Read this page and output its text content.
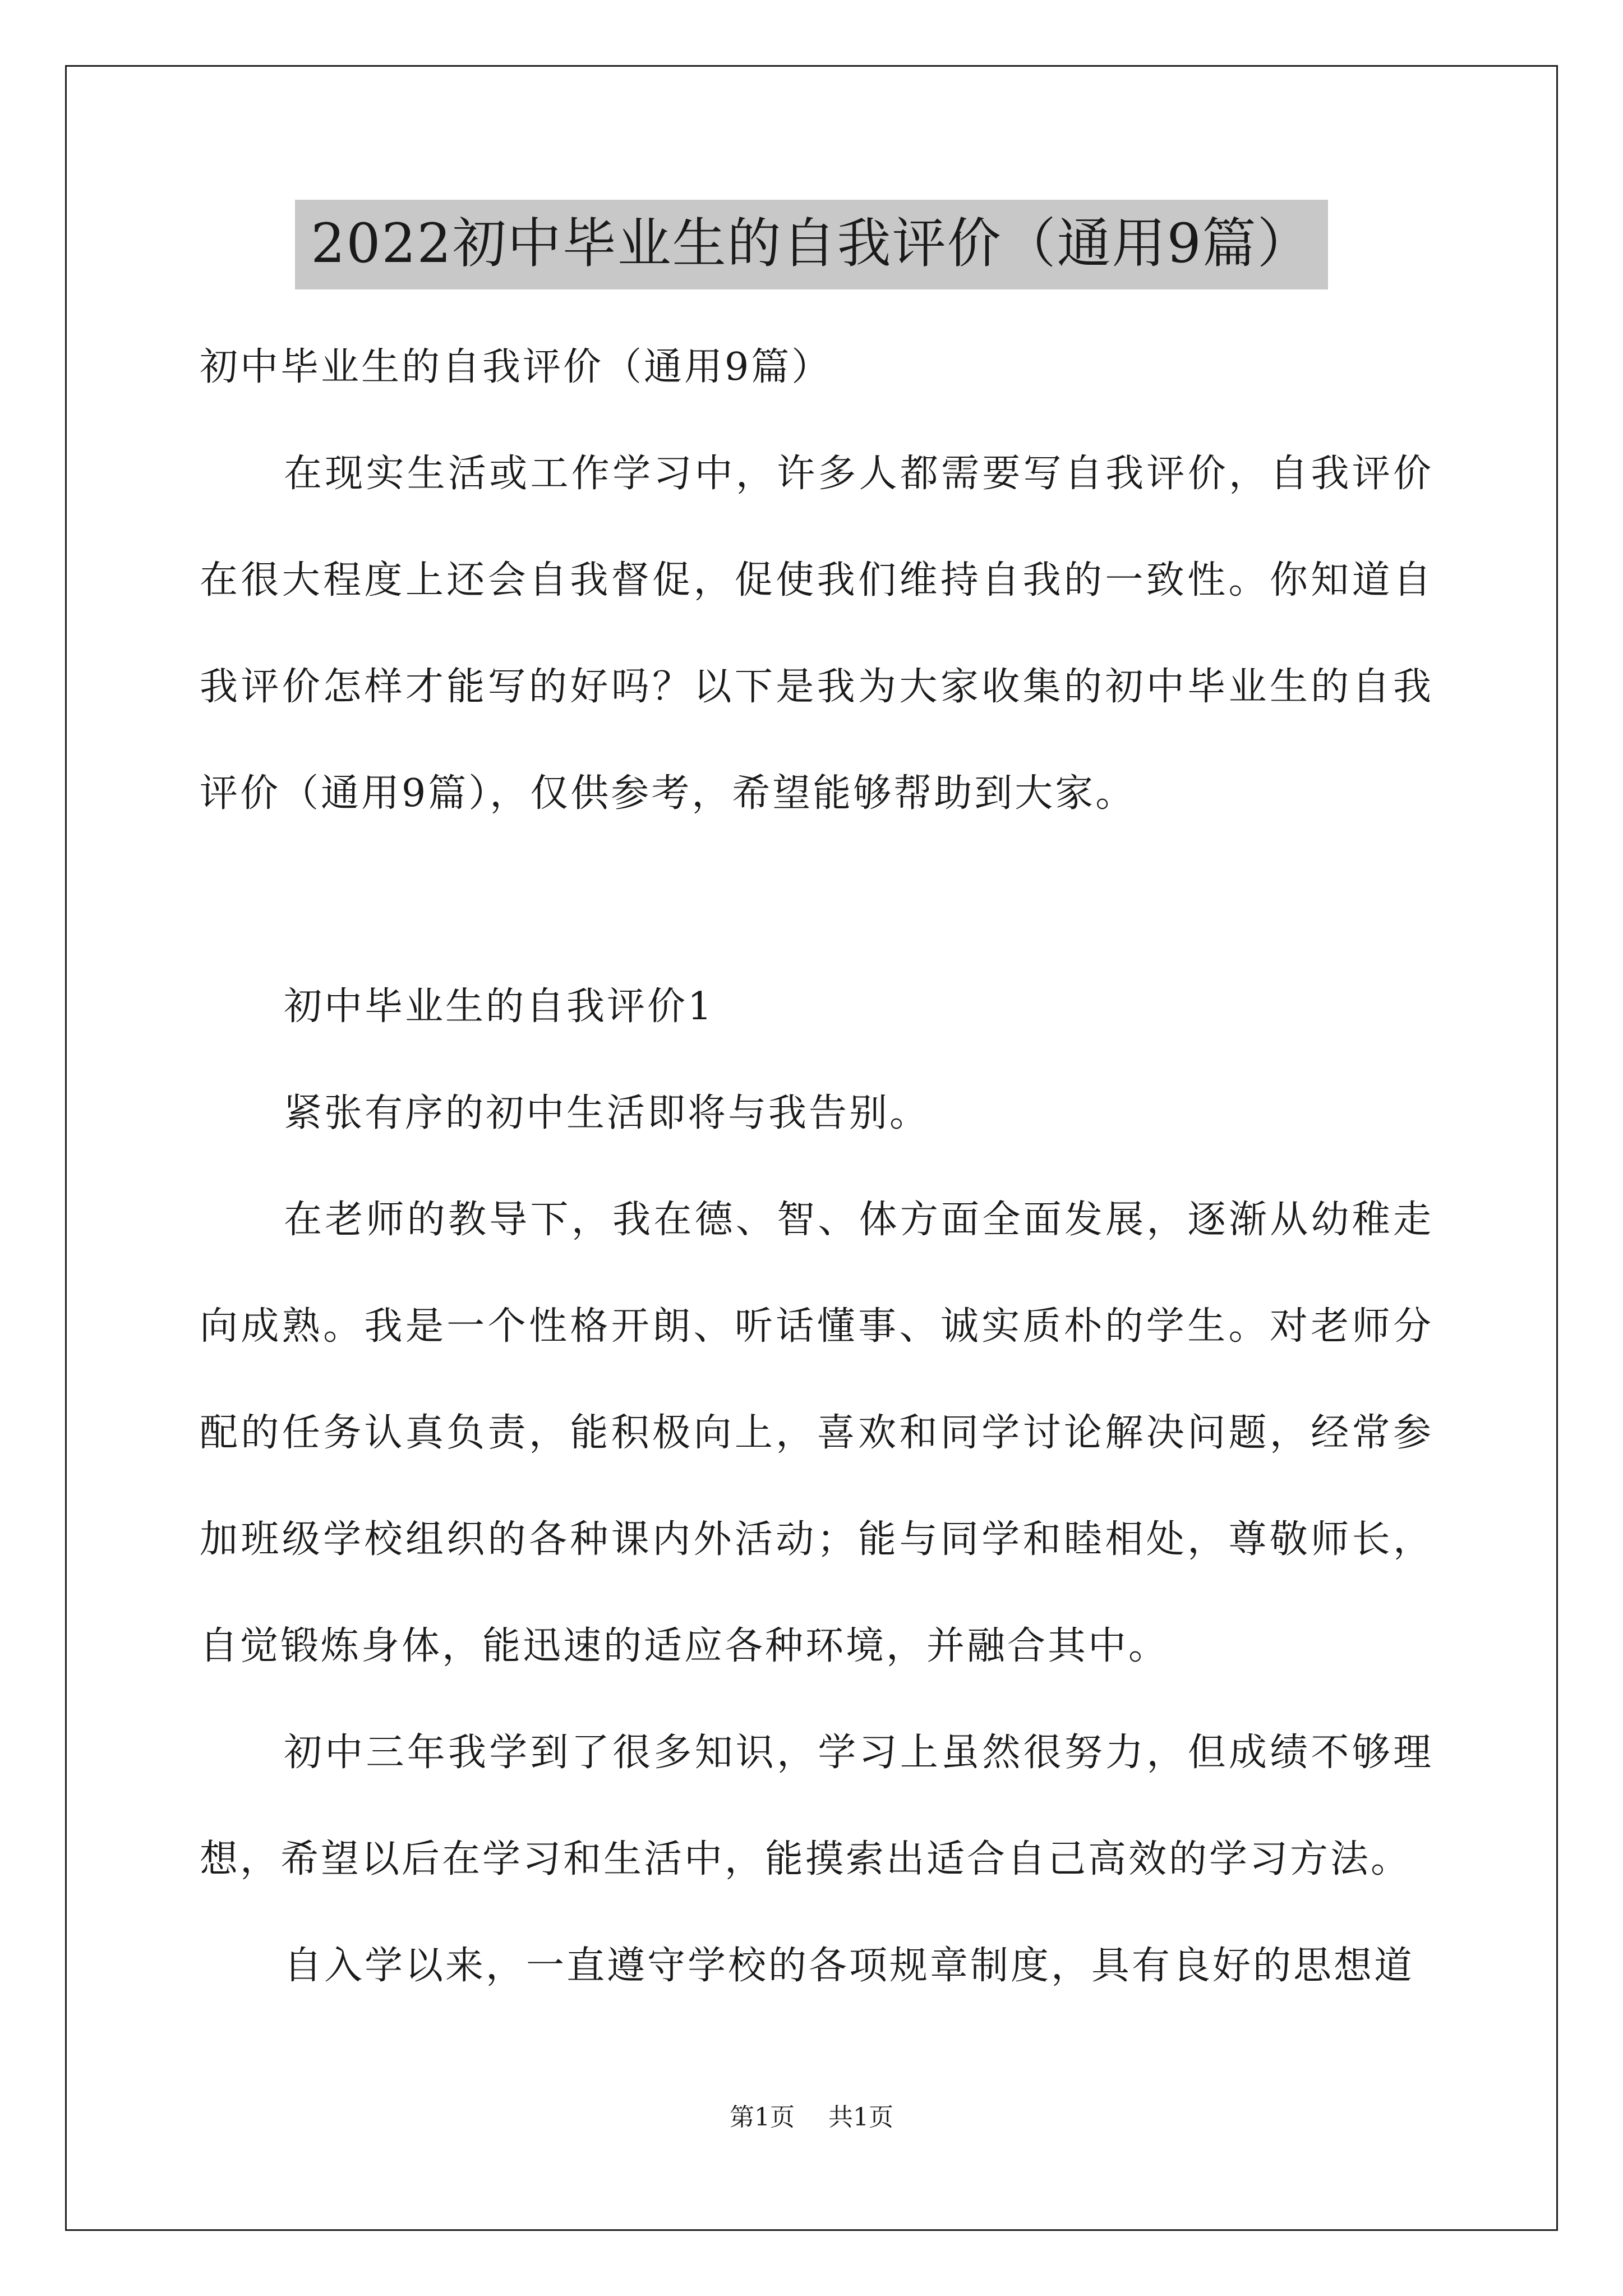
2022初中毕业生的自我评价（通用9篇）

初中毕业生的自我评价（通用9篇）

在现实生活或工作学习中，许多人都需要写自我评价，自我评价在很大程度上还会自我督促，促使我们维持自我的一致性。你知道自我评价怎样才能写的好吗？以下是我为大家收集的初中毕业生的自我评价（通用9篇），仅供参考，希望能够帮助到大家。

初中毕业生的自我评价1

紧张有序的初中生活即将与我告别。

在老师的教导下，我在德、智、体方面全面发展，逐渐从幼稚走向成熟。我是一个性格开朗、听话懂事、诚实质朴的学生。对老师分配的任务认真负责，能积极向上，喜欢和同学讨论解决问题，经常参加班级学校组织的各种课内外活动；能与同学和睦相处，尊敬师长，自觉锻炼身体，能迅速的适应各种环境，并融合其中。

初中三年我学到了很多知识，学习上虽然很努力，但成绩不够理想，希望以后在学习和生活中，能摸索出适合自己高效的学习方法。

自入学以来，一直遵守学校的各项规章制度，具有良好的思想道

第1页 共1页
